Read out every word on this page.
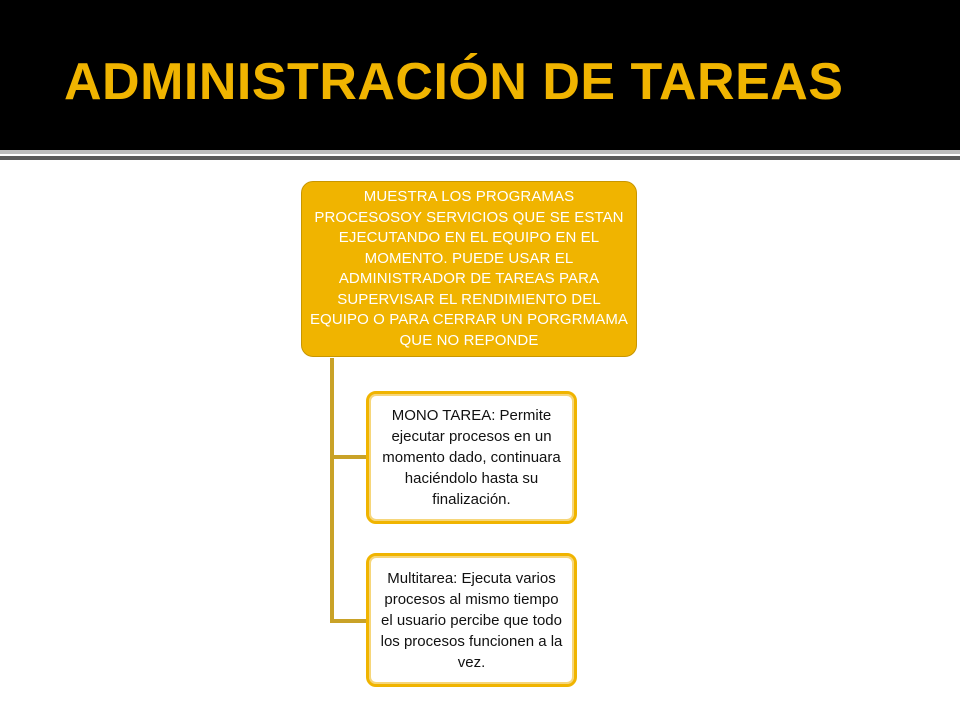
ADMINISTRACIÓN DE TAREAS
MUESTRA LOS PROGRAMAS PROCESOSOY SERVICIOS QUE SE ESTAN EJECUTANDO EN EL EQUIPO EN EL MOMENTO. PUEDE USAR EL ADMINISTRADOR DE TAREAS PARA SUPERVISAR EL RENDIMIENTO DEL EQUIPO O PARA CERRAR UN PORGRMAMA QUE NO REPONDE
MONO TAREA: Permite ejecutar procesos en un momento dado, continuara haciéndolo hasta su finalización.
Multitarea: Ejecuta varios procesos al mismo tiempo el usuario percibe que todo los procesos funcionen a la vez.
